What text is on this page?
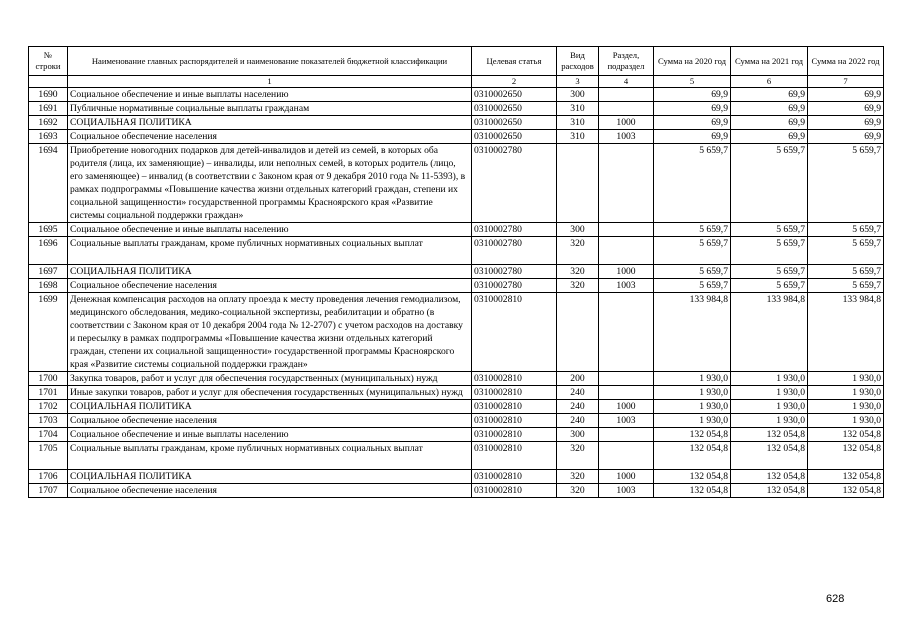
№ строки	Наименование главных распорядителей и наименование показателей бюджетной классификации	Целевая статья	Вид расходов	Раздел, подраздел	Сумма на 2020 год	Сумма на 2021 год	Сумма на 2022 год
	1	2	3	4	5	6	7
1690	Социальное обеспечение и иные выплаты населению	0310002650	300		69,9	69,9	69,9
1691	Публичные нормативные социальные выплаты гражданам	0310002650	310		69,9	69,9	69,9
1692	СОЦИАЛЬНАЯ ПОЛИТИКА	0310002650	310	1000	69,9	69,9	69,9
1693	Социальное обеспечение населения	0310002650	310	1003	69,9	69,9	69,9
1694	Приобретение новогодних подарков для детей-инвалидов и детей из семей, в которых оба родителя (лица, их заменяющие) – инвалиды, или неполных семей, в которых родитель (лицо, его заменяющее) – инвалид (в соответствии с Законом края от 9 декабря 2010 года № 11-5393), в рамках подпрограммы «Повышение качества жизни отдельных категорий граждан, степени их социальной защищенности» государственной программы Красноярского края «Развитие системы социальной поддержки граждан»	0310002780			5 659,7	5 659,7	5 659,7
1695	Социальное обеспечение и иные выплаты населению	0310002780	300		5 659,7	5 659,7	5 659,7
1696	Социальные выплаты гражданам, кроме публичных нормативных социальных выплат	0310002780	320		5 659,7	5 659,7	5 659,7
1697	СОЦИАЛЬНАЯ ПОЛИТИКА	0310002780	320	1000	5 659,7	5 659,7	5 659,7
1698	Социальное обеспечение населения	0310002780	320	1003	5 659,7	5 659,7	5 659,7
1699	Денежная компенсация расходов на оплату проезда к месту проведения лечения гемодиализом, медицинского обследования, медико-социальной экспертизы, реабилитации и обратно (в соответствии с Законом края от 10 декабря 2004 года № 12-2707) с учетом расходов на доставку и пересылку в рамках подпрограммы «Повышение качества жизни отдельных категорий граждан, степени их социальной защищенности» государственной программы Красноярского края «Развитие системы социальной поддержки граждан»	0310002810			133 984,8	133 984,8	133 984,8
1700	Закупка товаров, работ и услуг для обеспечения государственных (муниципальных) нужд	0310002810	200		1 930,0	1 930,0	1 930,0
1701	Иные закупки товаров, работ и услуг для обеспечения государственных (муниципальных) нужд	0310002810	240		1 930,0	1 930,0	1 930,0
1702	СОЦИАЛЬНАЯ ПОЛИТИКА	0310002810	240	1000	1 930,0	1 930,0	1 930,0
1703	Социальное обеспечение населения	0310002810	240	1003	1 930,0	1 930,0	1 930,0
1704	Социальное обеспечение и иные выплаты населению	0310002810	300		132 054,8	132 054,8	132 054,8
1705	Социальные выплаты гражданам, кроме публичных нормативных социальных выплат	0310002810	320		132 054,8	132 054,8	132 054,8
1706	СОЦИАЛЬНАЯ ПОЛИТИКА	0310002810	320	1000	132 054,8	132 054,8	132 054,8
1707	Социальное обеспечение населения	0310002810	320	1003	132 054,8	132 054,8	132 054,8
628
